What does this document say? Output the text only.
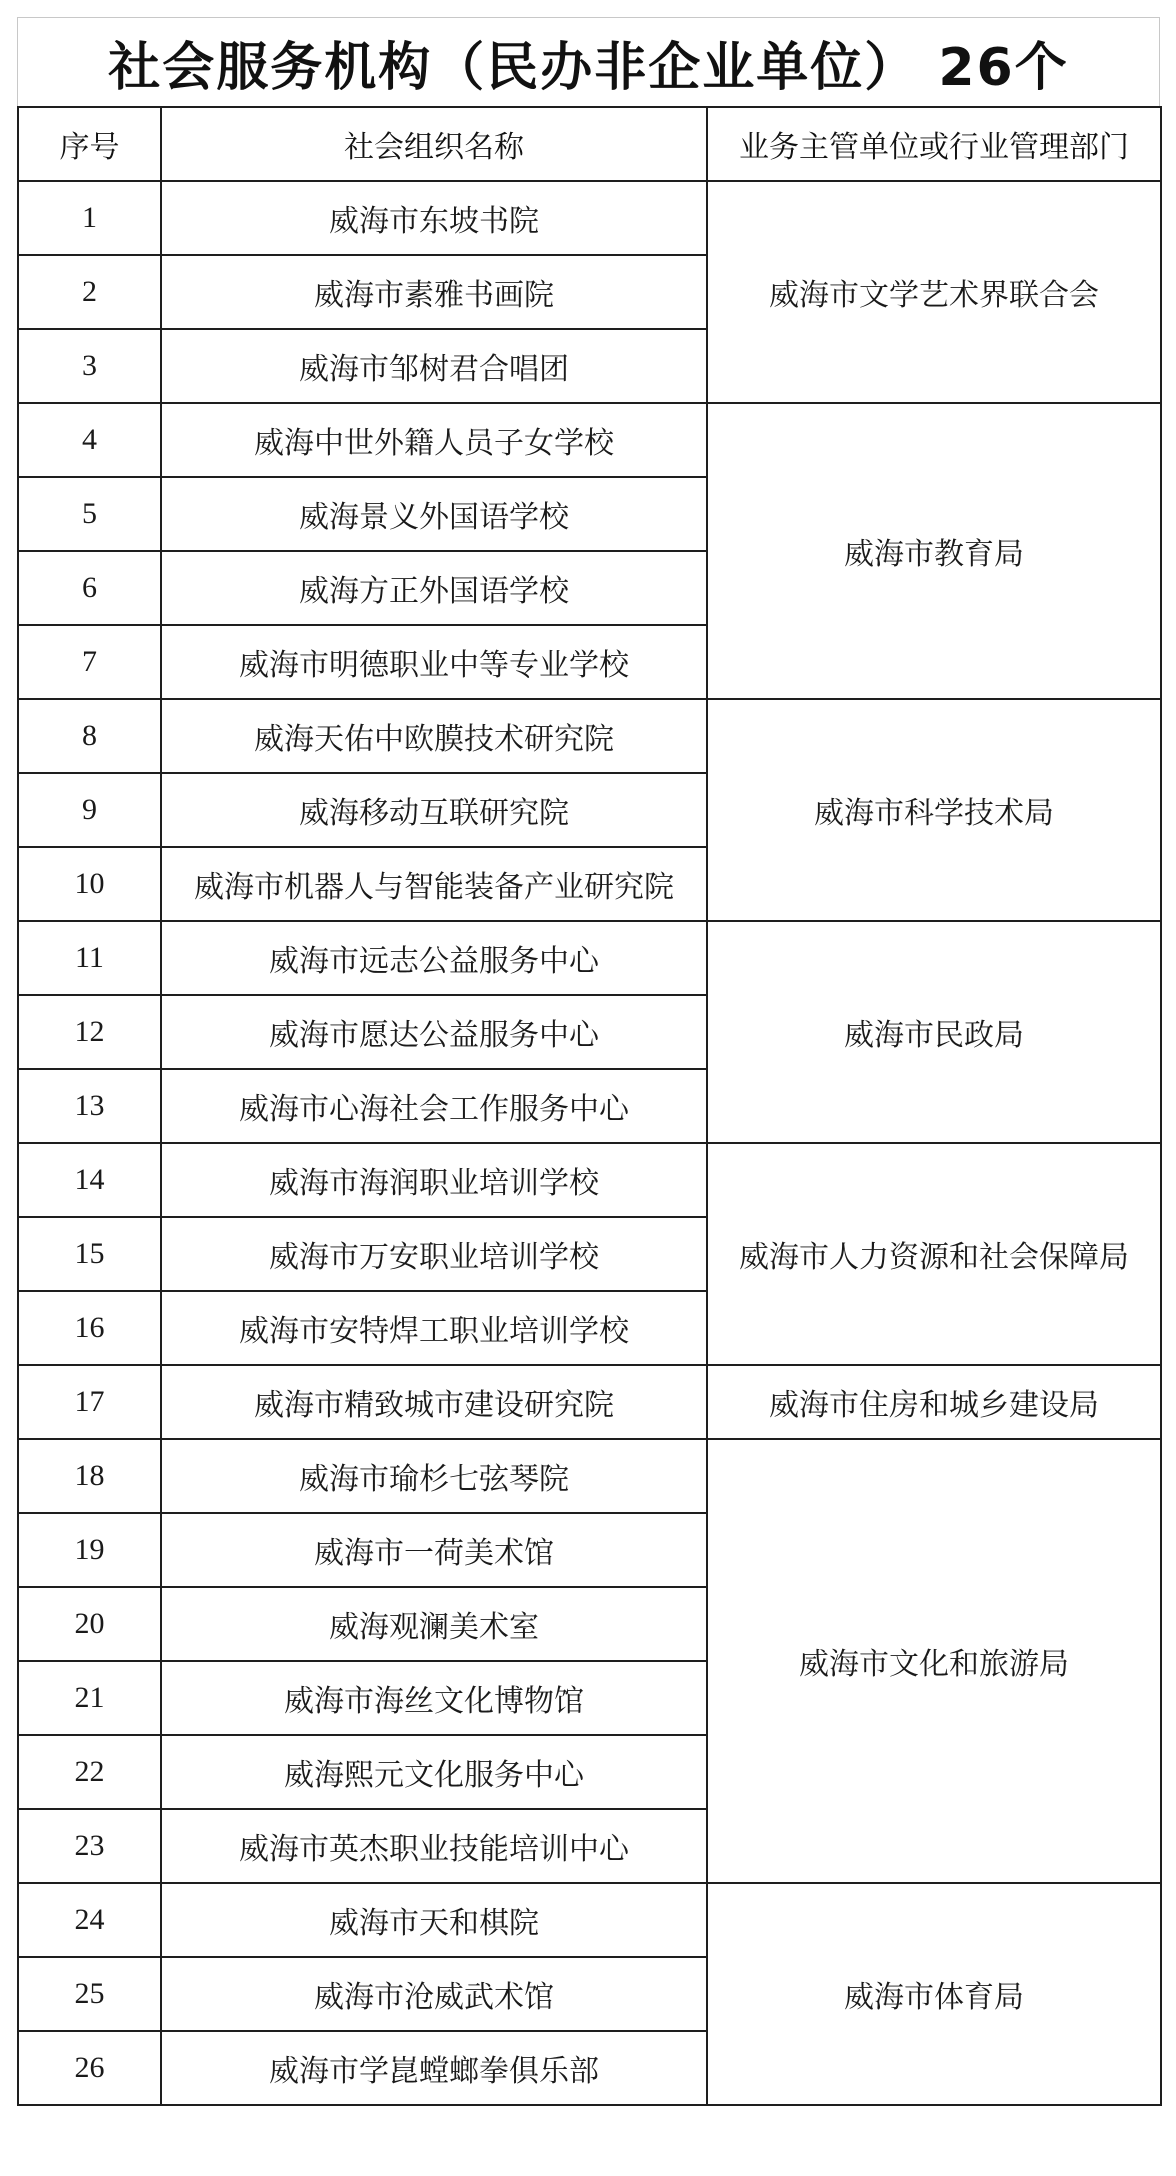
社会服务机构（民办非企业单位） 26个
序号	社会组织名称	业务主管单位或行业管理部门
1	威海市东坡书院	威海市文学艺术界联合会
2	威海市素雅书画院	
3	威海市邹树君合唱团	
4	威海中世外籍人员子女学校	威海市教育局
5	威海景义外国语学校	
6	威海方正外国语学校	
7	威海市明德职业中等专业学校	
8	威海天佑中欧膜技术研究院	威海市科学技术局
9	威海移动互联研究院	
10	威海市机器人与智能装备产业研究院	
11	威海市远志公益服务中心	威海市民政局
12	威海市愿达公益服务中心	
13	威海市心海社会工作服务中心	
14	威海市海润职业培训学校	威海市人力资源和社会保障局
15	威海市万安职业培训学校	
16	威海市安特焊工职业培训学校	
17	威海市精致城市建设研究院	威海市住房和城乡建设局
18	威海市瑜杉七弦琴院	威海市文化和旅游局
19	威海市一荷美术馆	
20	威海观澜美术室	
21	威海市海丝文化博物馆	
22	威海熙元文化服务中心	
23	威海市英杰职业技能培训中心	
24	威海市天和棋院	威海市体育局
25	威海市沧威武术馆	
26	威海市学崑螳螂拳俱乐部	
